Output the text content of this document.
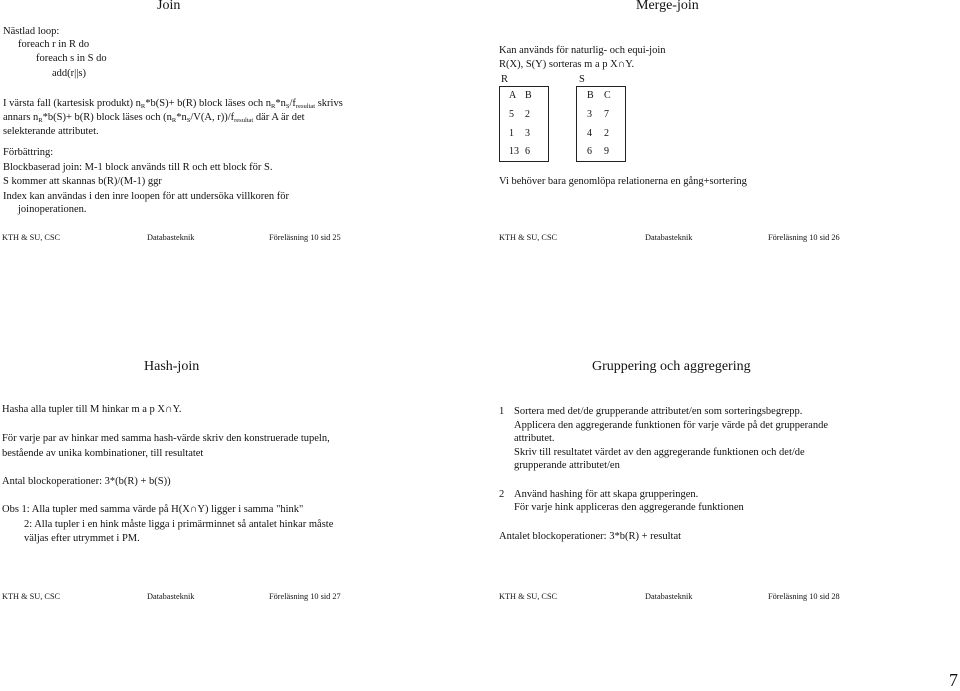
Join
Nästlad loop:
foreach r in R do
foreach s in S do
add(r||s)
I värsta fall (kartesisk produkt) nR*b(S)+ b(R) block läses och nR*nS/fresultat skrivs
annars nR*b(S)+ b(R) block läses och (nR*nS/V(A, r))/fresultat där A är det
selekterande attributet.
Förbättring:
Blockbaserad join: M-1 block används till R och ett block för S.
S kommer att skannas b(R)/(M-1) ggr
Index kan användas i den inre loopen för att undersöka villkoren för
joinoperationen.
KTH & SU, CSC	Databasteknik	Föreläsning 10 sid 25
Merge-join
Kan används för naturlig- och equi-join
R(X), S(Y) sorteras m a p X∩Y.
R	S
A B
5 2
1 3
13 6
B C
3 7
4 2
6 9
Vi behöver bara genomlöpa relationerna en gång+sortering
KTH & SU, CSC	Databasteknik	Föreläsning 10 sid 26
Hash-join
Hasha alla tupler till M hinkar m a p X∩Y.
För varje par av hinkar med samma hash-värde skriv den konstruerade tupeln,
bestående av unika kombinationer, till resultatet
Antal blockoperationer: 3*(b(R) + b(S))
Obs 1: Alla tupler med samma värde på H(X∩Y) ligger i samma "hink"
2: Alla tupler i en hink måste ligga i primärminnet så antalet hinkar måste
väljas efter utrymmet i PM.
KTH & SU, CSC	Databasteknik	Föreläsning 10 sid 27
Gruppering och aggregering
1 Sortera med det/de grupperande attributet/en som sorteringsbegrepp.
Applicera den aggregerande funktionen för varje värde på det grupperande
attributet.
Skriv till resultatet värdet av den aggregerande funktionen och det/de
grupperande attributet/en
2 Använd hashing för att skapa grupperingen.
För varje hink appliceras den aggregerande funktionen
Antalet blockoperationer: 3*b(R) + resultat
KTH & SU, CSC	Databasteknik	Föreläsning 10 sid 28
7
